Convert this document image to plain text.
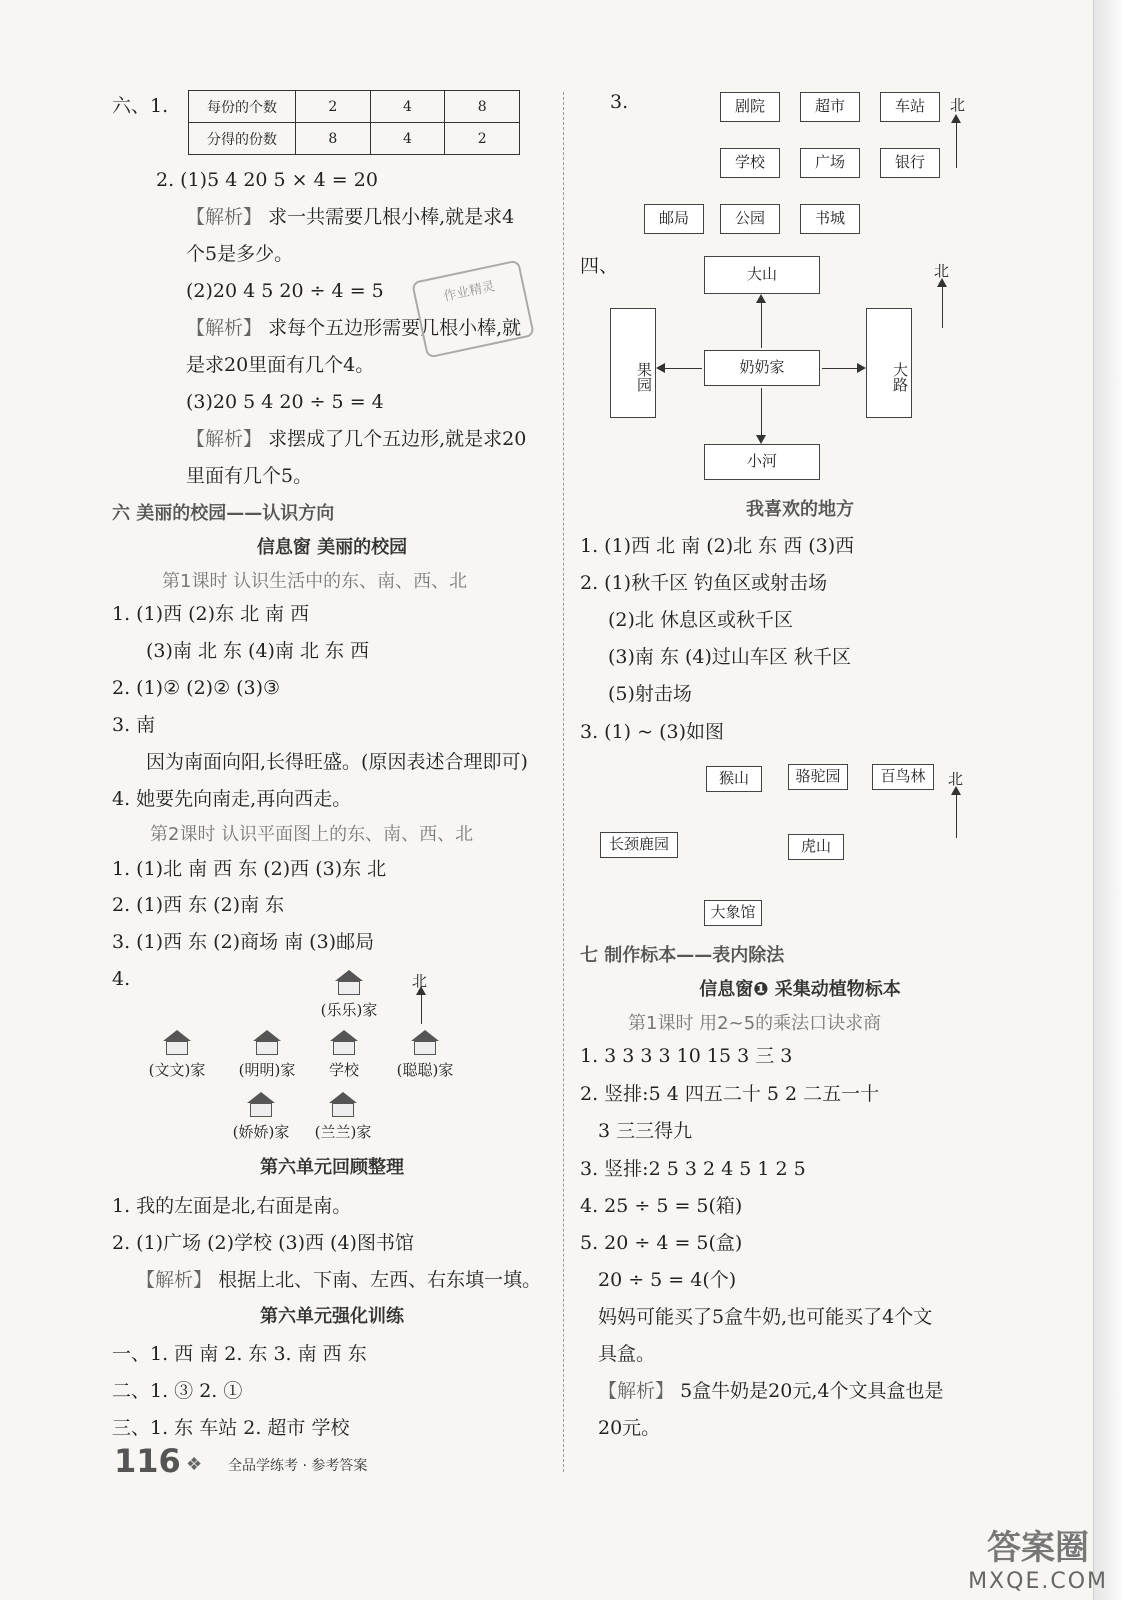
六、1.	每份的个数	2	4	8
分得的份数	8	4	2
2. (1)5 4 20 5 × 4 = 20
【解析】 求一共需要几根小棒,就是求4
个5是多少。
(2)20 4 5 20 ÷ 4 = 5
【解析】 求每个五边形需要几根小棒,就
是求20里面有几个4。
(3)20 5 4 20 ÷ 5 = 4
【解析】 求摆成了几个五边形,就是求20
里面有几个5。
六 美丽的校园——认识方向
信息窗 美丽的校园
第1课时 认识生活中的东、南、西、北
1. (1)西 (2)东 北 南 西
(3)南 北 东 (4)南 北 东 西
2. (1)② (2)② (3)③
3. 南
因为南面向阳,长得旺盛。(原因表述合理即可)
4. 她要先向南走,再向西走。
第2课时 认识平面图上的东、南、西、北
1. (1)北 南 西 东 (2)西 (3)东 北
2. (1)西 东 (2)南 东
3. (1)西 东 (2)商场 南 (3)邮局
4.
(乐乐)家
北
(文文)家	(明明)家	学校	(聪聪)家
(娇娇)家	(兰兰)家
第六单元回顾整理
1. 我的左面是北,右面是南。
2. (1)广场 (2)学校 (3)西 (4)图书馆
【解析】 根据上北、下南、左西、右东填一填。
第六单元强化训练
一、1. 西 南 2. 东 3. 南 西 东
二、1. ③ 2. ①
三、1. 东 车站 2. 超市 学校
作业精灵
3.	剧院	超市	车站
学校	广场	银行
邮局	公园	书城
北
四、	大山
果园	奶奶家	大路
小河
北
我喜欢的地方
1. (1)西 北 南 (2)北 东 西 (3)西
2. (1)秋千区 钓鱼区或射击场
(2)北 休息区或秋千区
(3)南 东 (4)过山车区 秋千区
(5)射击场
3. (1) ~ (3)如图
猴山	骆驼园	百鸟林
长颈鹿园	虎山
大象馆
北
七 制作标本——表内除法
信息窗❶ 采集动植物标本
第1课时 用2~5的乘法口诀求商
1. 3 3 3 3 10 15 3 三 3
2. 竖排:5 4 四五二十 5 2 二五一十
3 三三得九
3. 竖排:2 5 3 2 4 5 1 2 5
4. 25 ÷ 5 = 5(箱)
5. 20 ÷ 4 = 5(盒)
20 ÷ 5 = 4(个)
妈妈可能买了5盒牛奶,也可能买了4个文
具盒。
【解析】 5盒牛奶是20元,4个文具盒也是
20元。
116 ❖ 全品学练考 · 参考答案
答案圈
MXQE.COM
